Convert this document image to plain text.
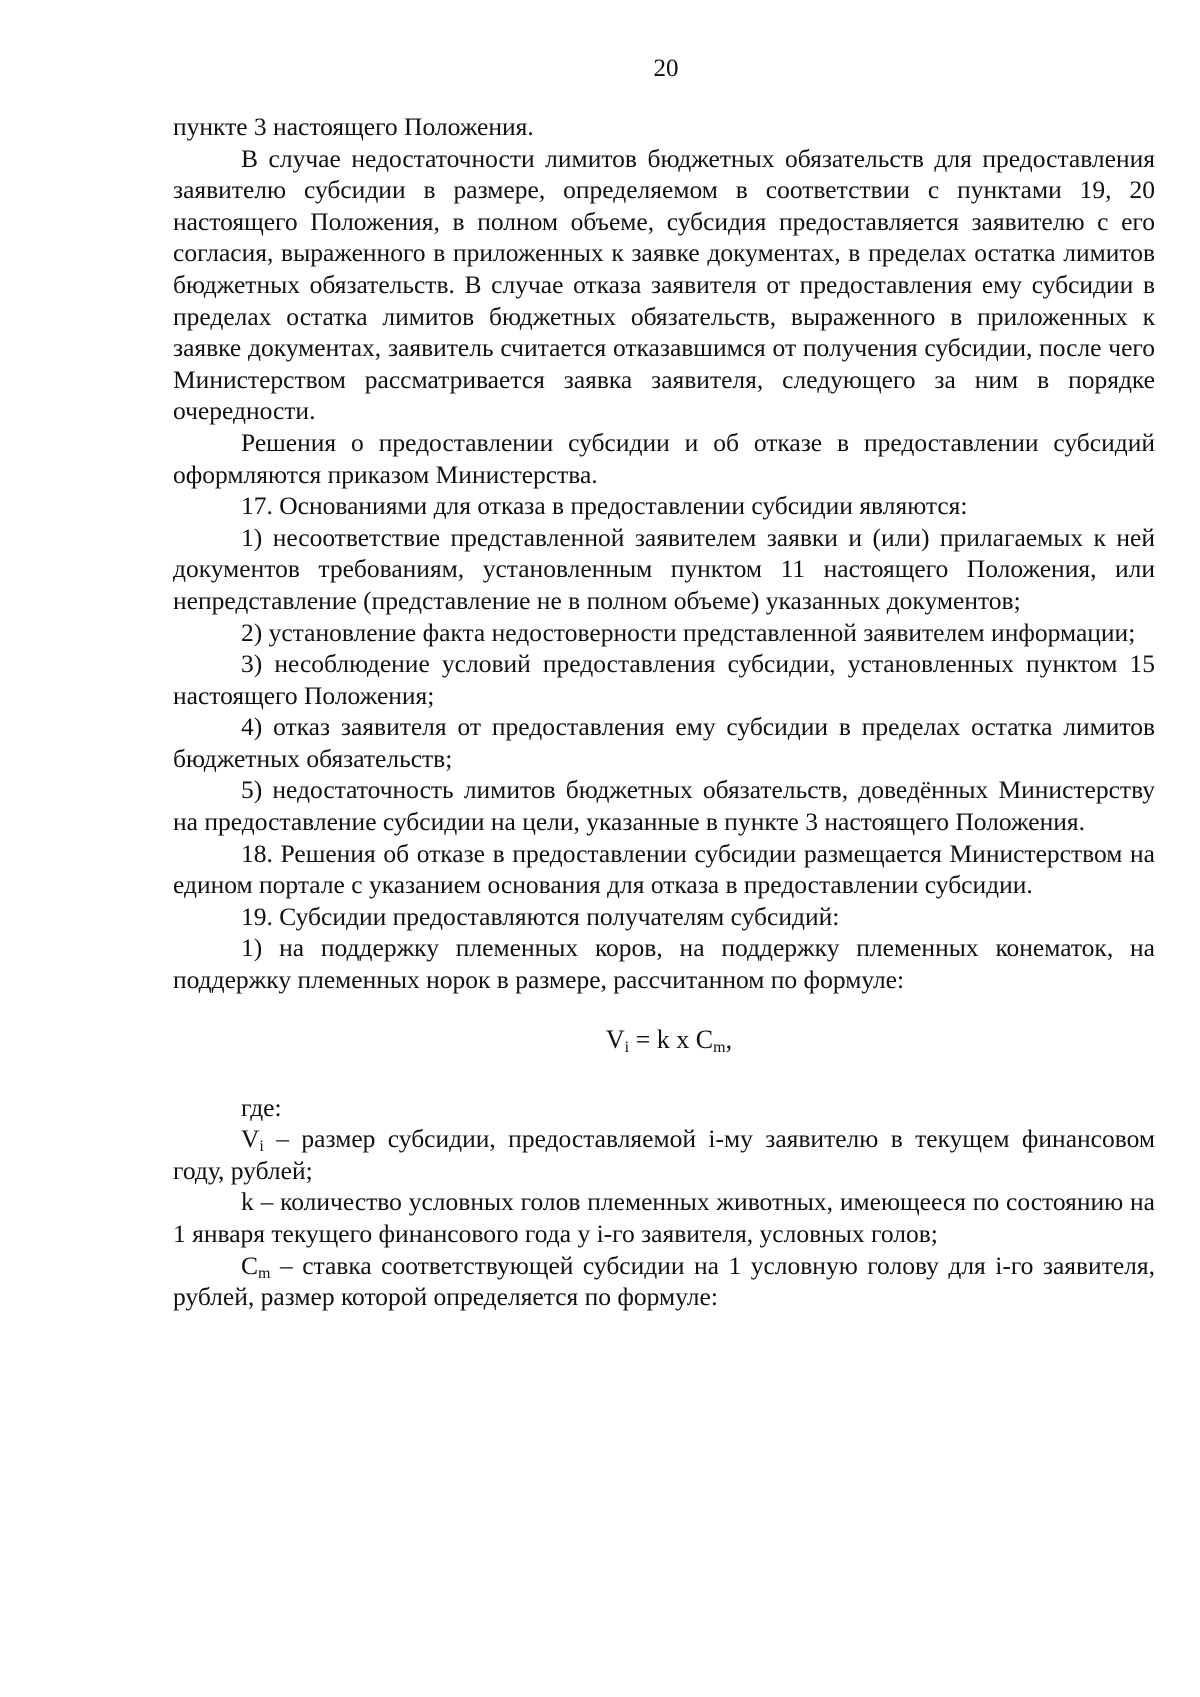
20

пункте 3 настоящего Положения.

В случае недостаточности лимитов бюджетных обязательств для предоставления заявителю субсидии в размере, определяемом в соответствии с пунктами 19, 20 настоящего Положения, в полном объеме, субсидия предоставляется заявителю с его согласия, выраженного в приложенных к заявке документах, в пределах остатка лимитов бюджетных обязательств. В случае отказа заявителя от предоставления ему субсидии в пределах остатка лимитов бюджетных обязательств, выраженного в приложенных к заявке документах, заявитель считается отказавшимся от получения субсидии, после чего Министерством рассматривается заявка заявителя, следующего за ним в порядке очередности.

Решения о предоставлении субсидии и об отказе в предоставлении субсидий оформляются приказом Министерства.

17. Основаниями для отказа в предоставлении субсидии являются:

1) несоответствие представленной заявителем заявки и (или) прилагаемых к ней документов требованиям, установленным пунктом 11 настоящего Положения, или непредставление (представление не в полном объеме) указанных документов;

2) установление факта недостоверности представленной заявителем информации;

3) несоблюдение условий предоставления субсидии, установленных пунктом 15 настоящего Положения;

4) отказ заявителя от предоставления ему субсидии в пределах остатка лимитов бюджетных обязательств;

5) недостаточность лимитов бюджетных обязательств, доведённых Министерству на предоставление субсидии на цели, указанные в пункте 3 настоящего Положения.

18. Решения об отказе в предоставлении субсидии размещается Министерством на едином портале с указанием основания для отказа в предоставлении субсидии.

19. Субсидии предоставляются получателям субсидий:

1) на поддержку племенных коров, на поддержку племенных конематок, на поддержку племенных норок в размере, рассчитанном по формуле:

$V_i = k$ x $C_m$,

где:

$V_i$ – размер субсидии, предоставляемой i-му заявителю в текущем финансовом году, рублей;

k – количество условных голов племенных животных, имеющееся по состоянию на 1 января текущего финансового года у i-го заявителя, условных голов;

$C_m$ – ставка соответствующей субсидии на 1 условную голову для i-го заявителя, рублей, размер которой определяется по формуле:
